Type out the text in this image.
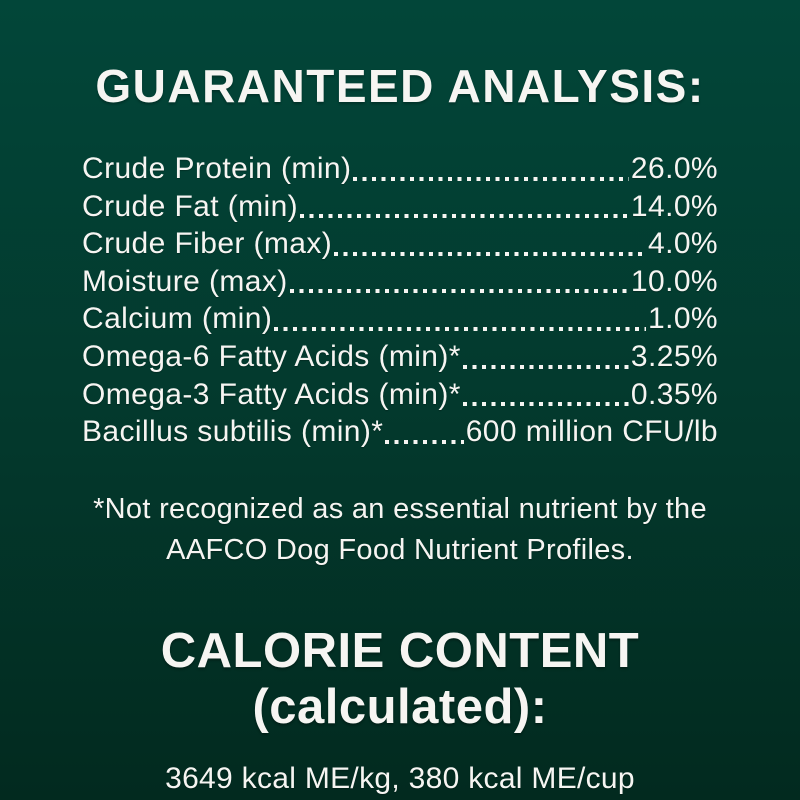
GUARANTEED ANALYSIS:
Crude Protein (min)	26.0%
Crude Fat (min)	14.0%
Crude Fiber (max)	4.0%
Moisture (max)	10.0%
Calcium (min)	1.0%
Omega-6 Fatty Acids (min)*	3.25%
Omega-3 Fatty Acids (min)*	0.35%
Bacillus subtilis (min)*	600 million CFU/lb
*Not recognized as an essential nutrient by the
AAFCO Dog Food Nutrient Profiles.
CALORIE CONTENT (calculated):
3649 kcal ME/kg, 380 kcal ME/cup
